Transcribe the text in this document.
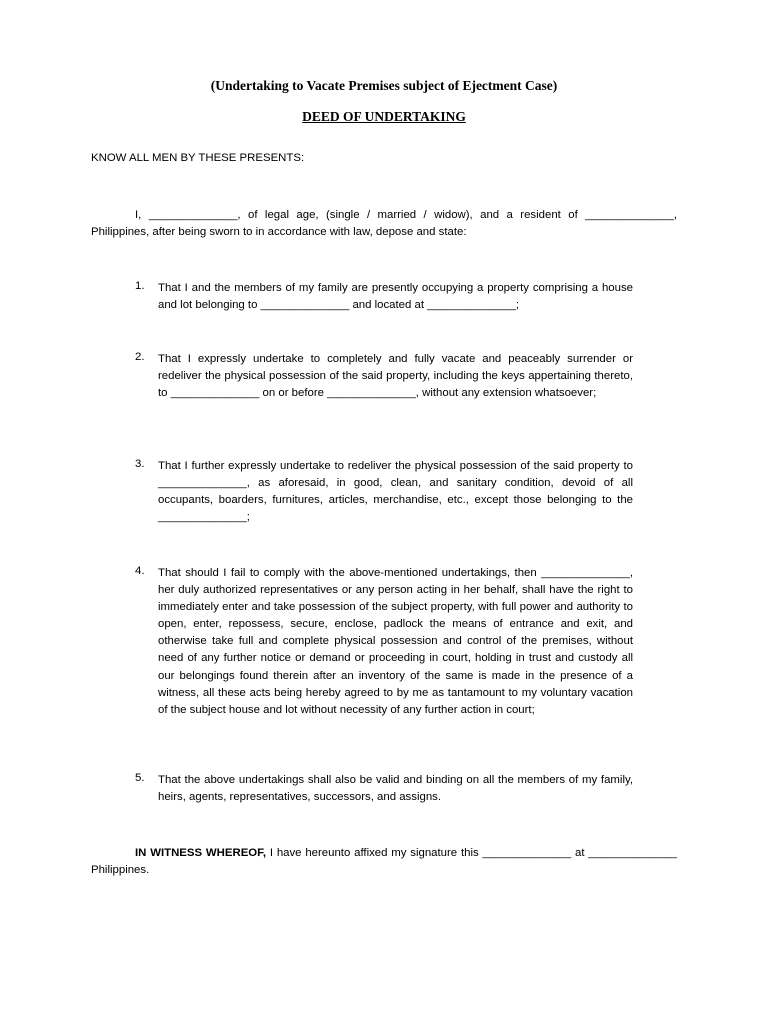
(Undertaking to Vacate Premises subject of Ejectment Case)
DEED OF UNDERTAKING
KNOW ALL MEN BY THESE PRESENTS:
I, ______________, of legal age, (single / married / widow), and a resident of ______________, Philippines, after being sworn to in accordance with law, depose and state:
1.	That I and the members of my family are presently occupying a property comprising a house and lot belonging to ______________ and located at ______________;
2.	That I expressly undertake to completely and fully vacate and peaceably surrender or redeliver the physical possession of the said property, including the keys appertaining thereto, to ______________ on or before ______________, without any extension whatsoever;
3.	That I further expressly undertake to redeliver the physical possession of the said property to ______________, as aforesaid, in good, clean, and sanitary condition, devoid of all occupants, boarders, furnitures, articles, merchandise, etc., except those belonging to the ______________;
4.	That should I fail to comply with the above-mentioned undertakings, then ______________, her duly authorized representatives or any person acting in her behalf, shall have the right to immediately enter and take possession of the subject property, with full power and authority to open, enter, repossess, secure, enclose, padlock the means of entrance and exit, and otherwise take full and complete physical possession and control of the premises, without need of any further notice or demand or proceeding in court, holding in trust and custody all our belongings found therein after an inventory of the same is made in the presence of a witness, all these acts being hereby agreed to by me as tantamount to my voluntary vacation of the subject house and lot without necessity of any further action in court;
5.	That the above undertakings shall also be valid and binding on all the members of my family, heirs, agents, representatives, successors, and assigns.
IN WITNESS WHEREOF, I have hereunto affixed my signature this ______________ at ______________ Philippines.
